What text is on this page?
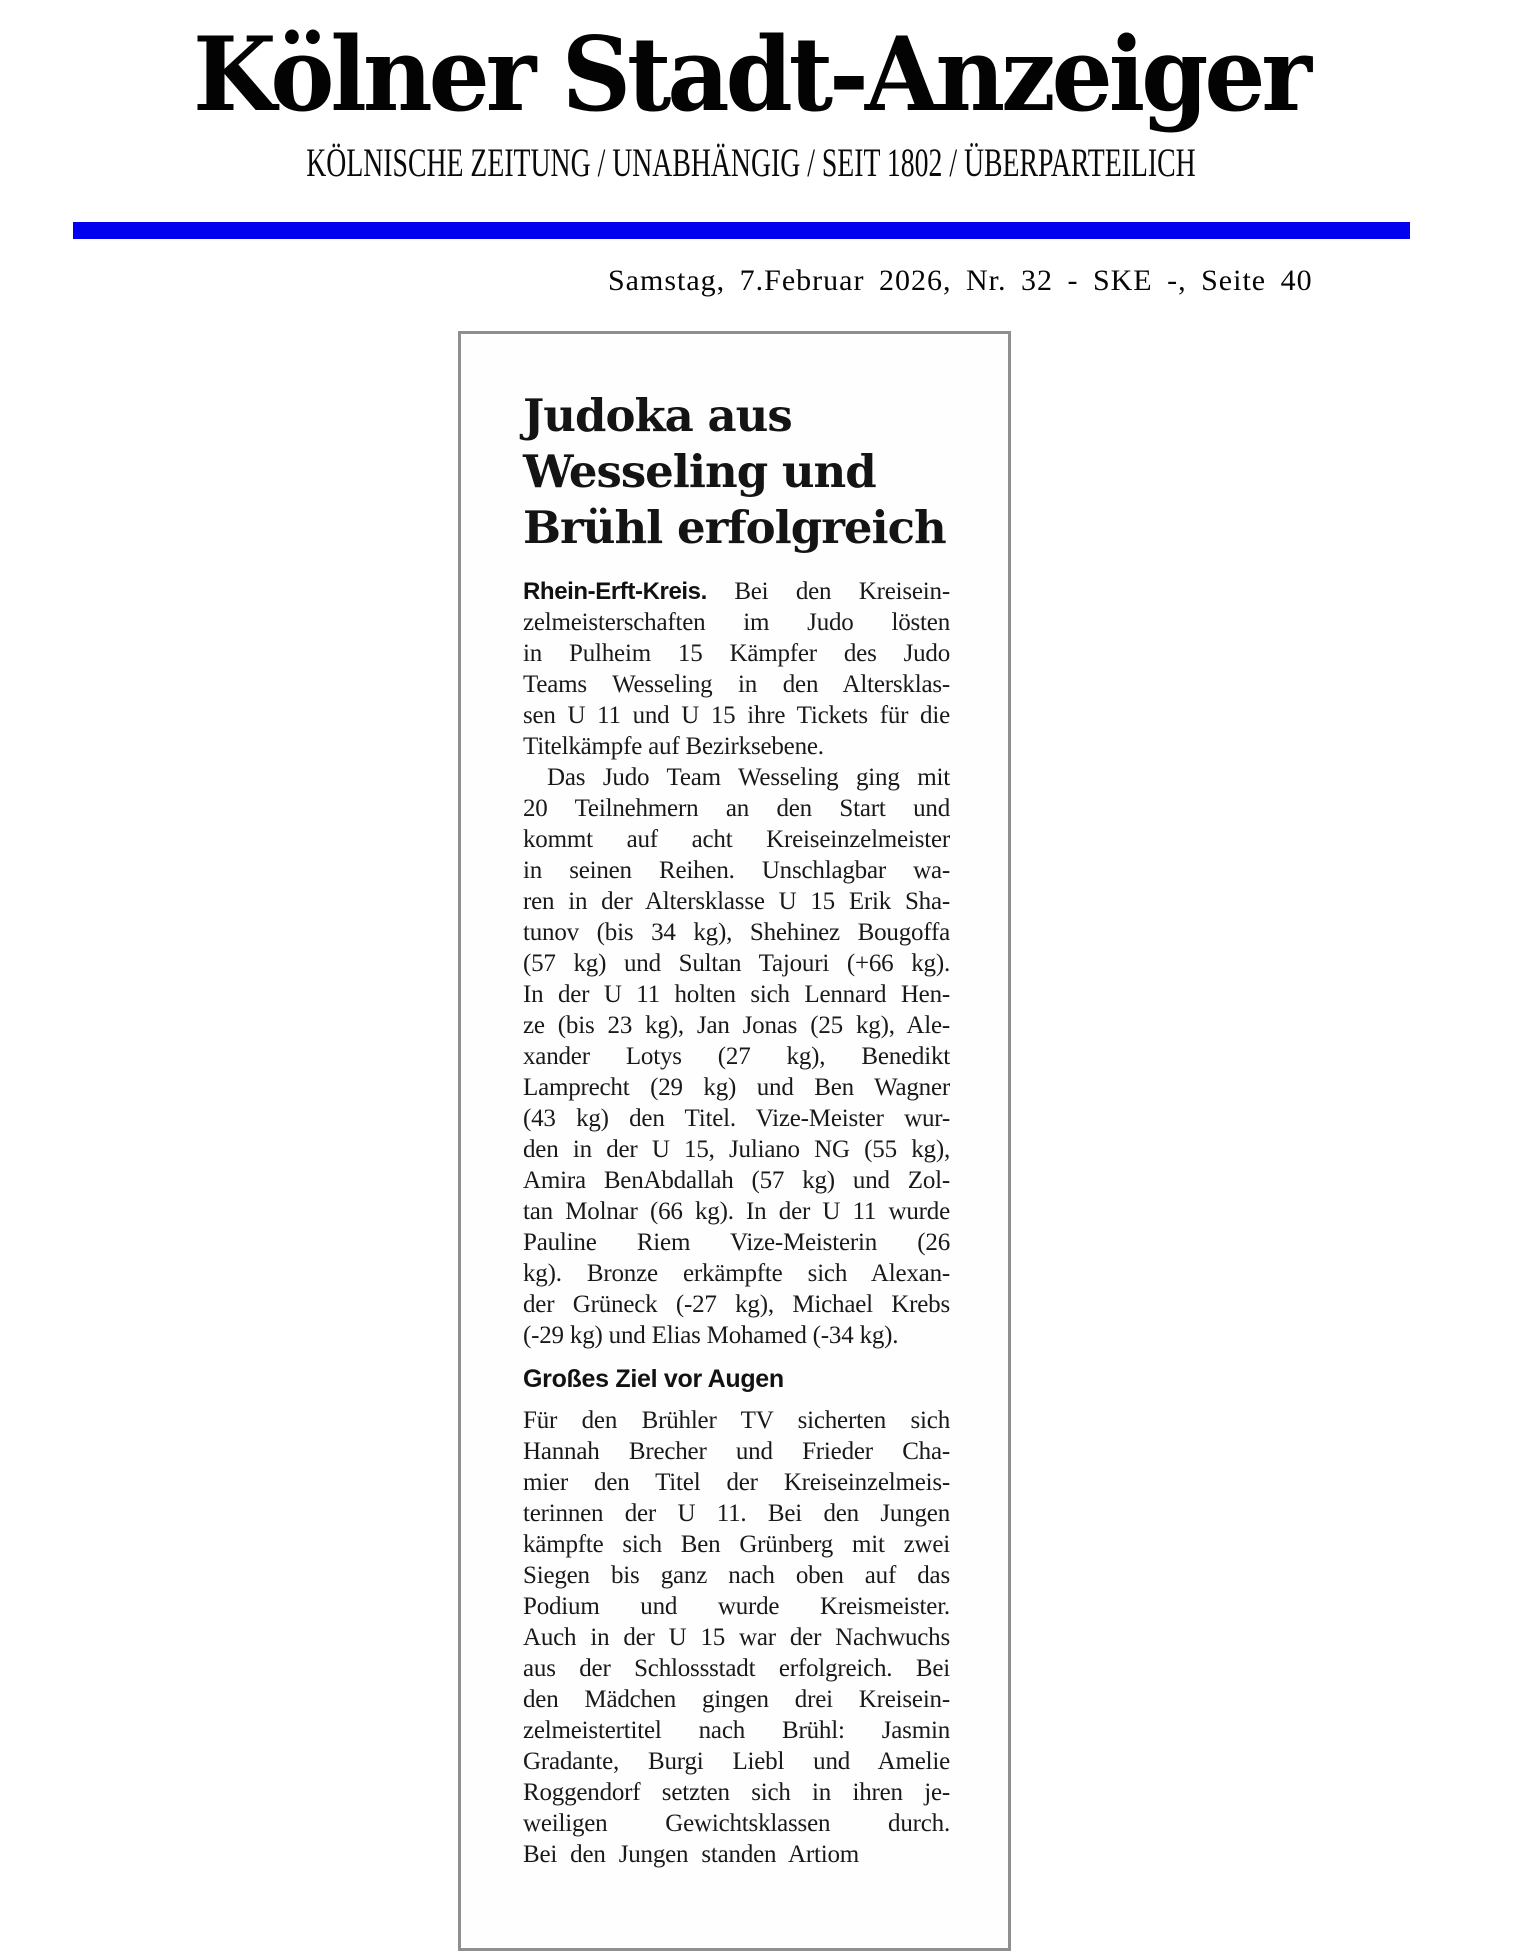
Kölner Stadt-Anzeiger
KÖLNISCHE ZEITUNG / UNABHÄNGIG / SEIT 1802 / ÜBERPARTEILICH
Samstag, 7.Februar 2026, Nr. 32 - SKE -, Seite 40
Judoka aus
Wesseling und
Brühl erfolgreich
Rhein-Erft-Kreis. Bei den Kreisein-
zelmeisterschaften im Judo lösten
in Pulheim 15 Kämpfer des Judo
Teams Wesseling in den Altersklas-
sen U 11 und U 15 ihre Tickets für die
Titelkämpfe auf Bezirksebene.
Das Judo Team Wesseling ging mit
20 Teilnehmern an den Start und
kommt auf acht Kreiseinzelmeister
in seinen Reihen. Unschlagbar wa-
ren in der Altersklasse U 15 Erik Sha-
tunov (bis 34 kg), Shehinez Bougoffa
(57 kg) und Sultan Tajouri (+66 kg).
In der U 11 holten sich Lennard Hen-
ze (bis 23 kg), Jan Jonas (25 kg), Ale-
xander Lotys (27 kg), Benedikt
Lamprecht (29 kg) und Ben Wagner
(43 kg) den Titel. Vize-Meister wur-
den in der U 15, Juliano NG (55 kg),
Amira BenAbdallah (57 kg) und Zol-
tan Molnar (66 kg). In der U 11 wurde
Pauline Riem Vize-Meisterin (26
kg). Bronze erkämpfte sich Alexan-
der Grüneck (-27 kg), Michael Krebs
(-29 kg) und Elias Mohamed (-34 kg).
Großes Ziel vor Augen
Für den Brühler TV sicherten sich
Hannah Brecher und Frieder Cha-
mier den Titel der Kreiseinzelmeis-
terinnen der U 11. Bei den Jungen
kämpfte sich Ben Grünberg mit zwei
Siegen bis ganz nach oben auf das
Podium und wurde Kreismeister.
Auch in der U 15 war der Nachwuchs
aus der Schlossstadt erfolgreich. Bei
den Mädchen gingen drei Kreisein-
zelmeistertitel nach Brühl: Jasmin
Gradante, Burgi Liebl und Amelie
Roggendorf setzten sich in ihren je-
weiligen Gewichtsklassen durch.
Bei den Jungen standen Artiom
